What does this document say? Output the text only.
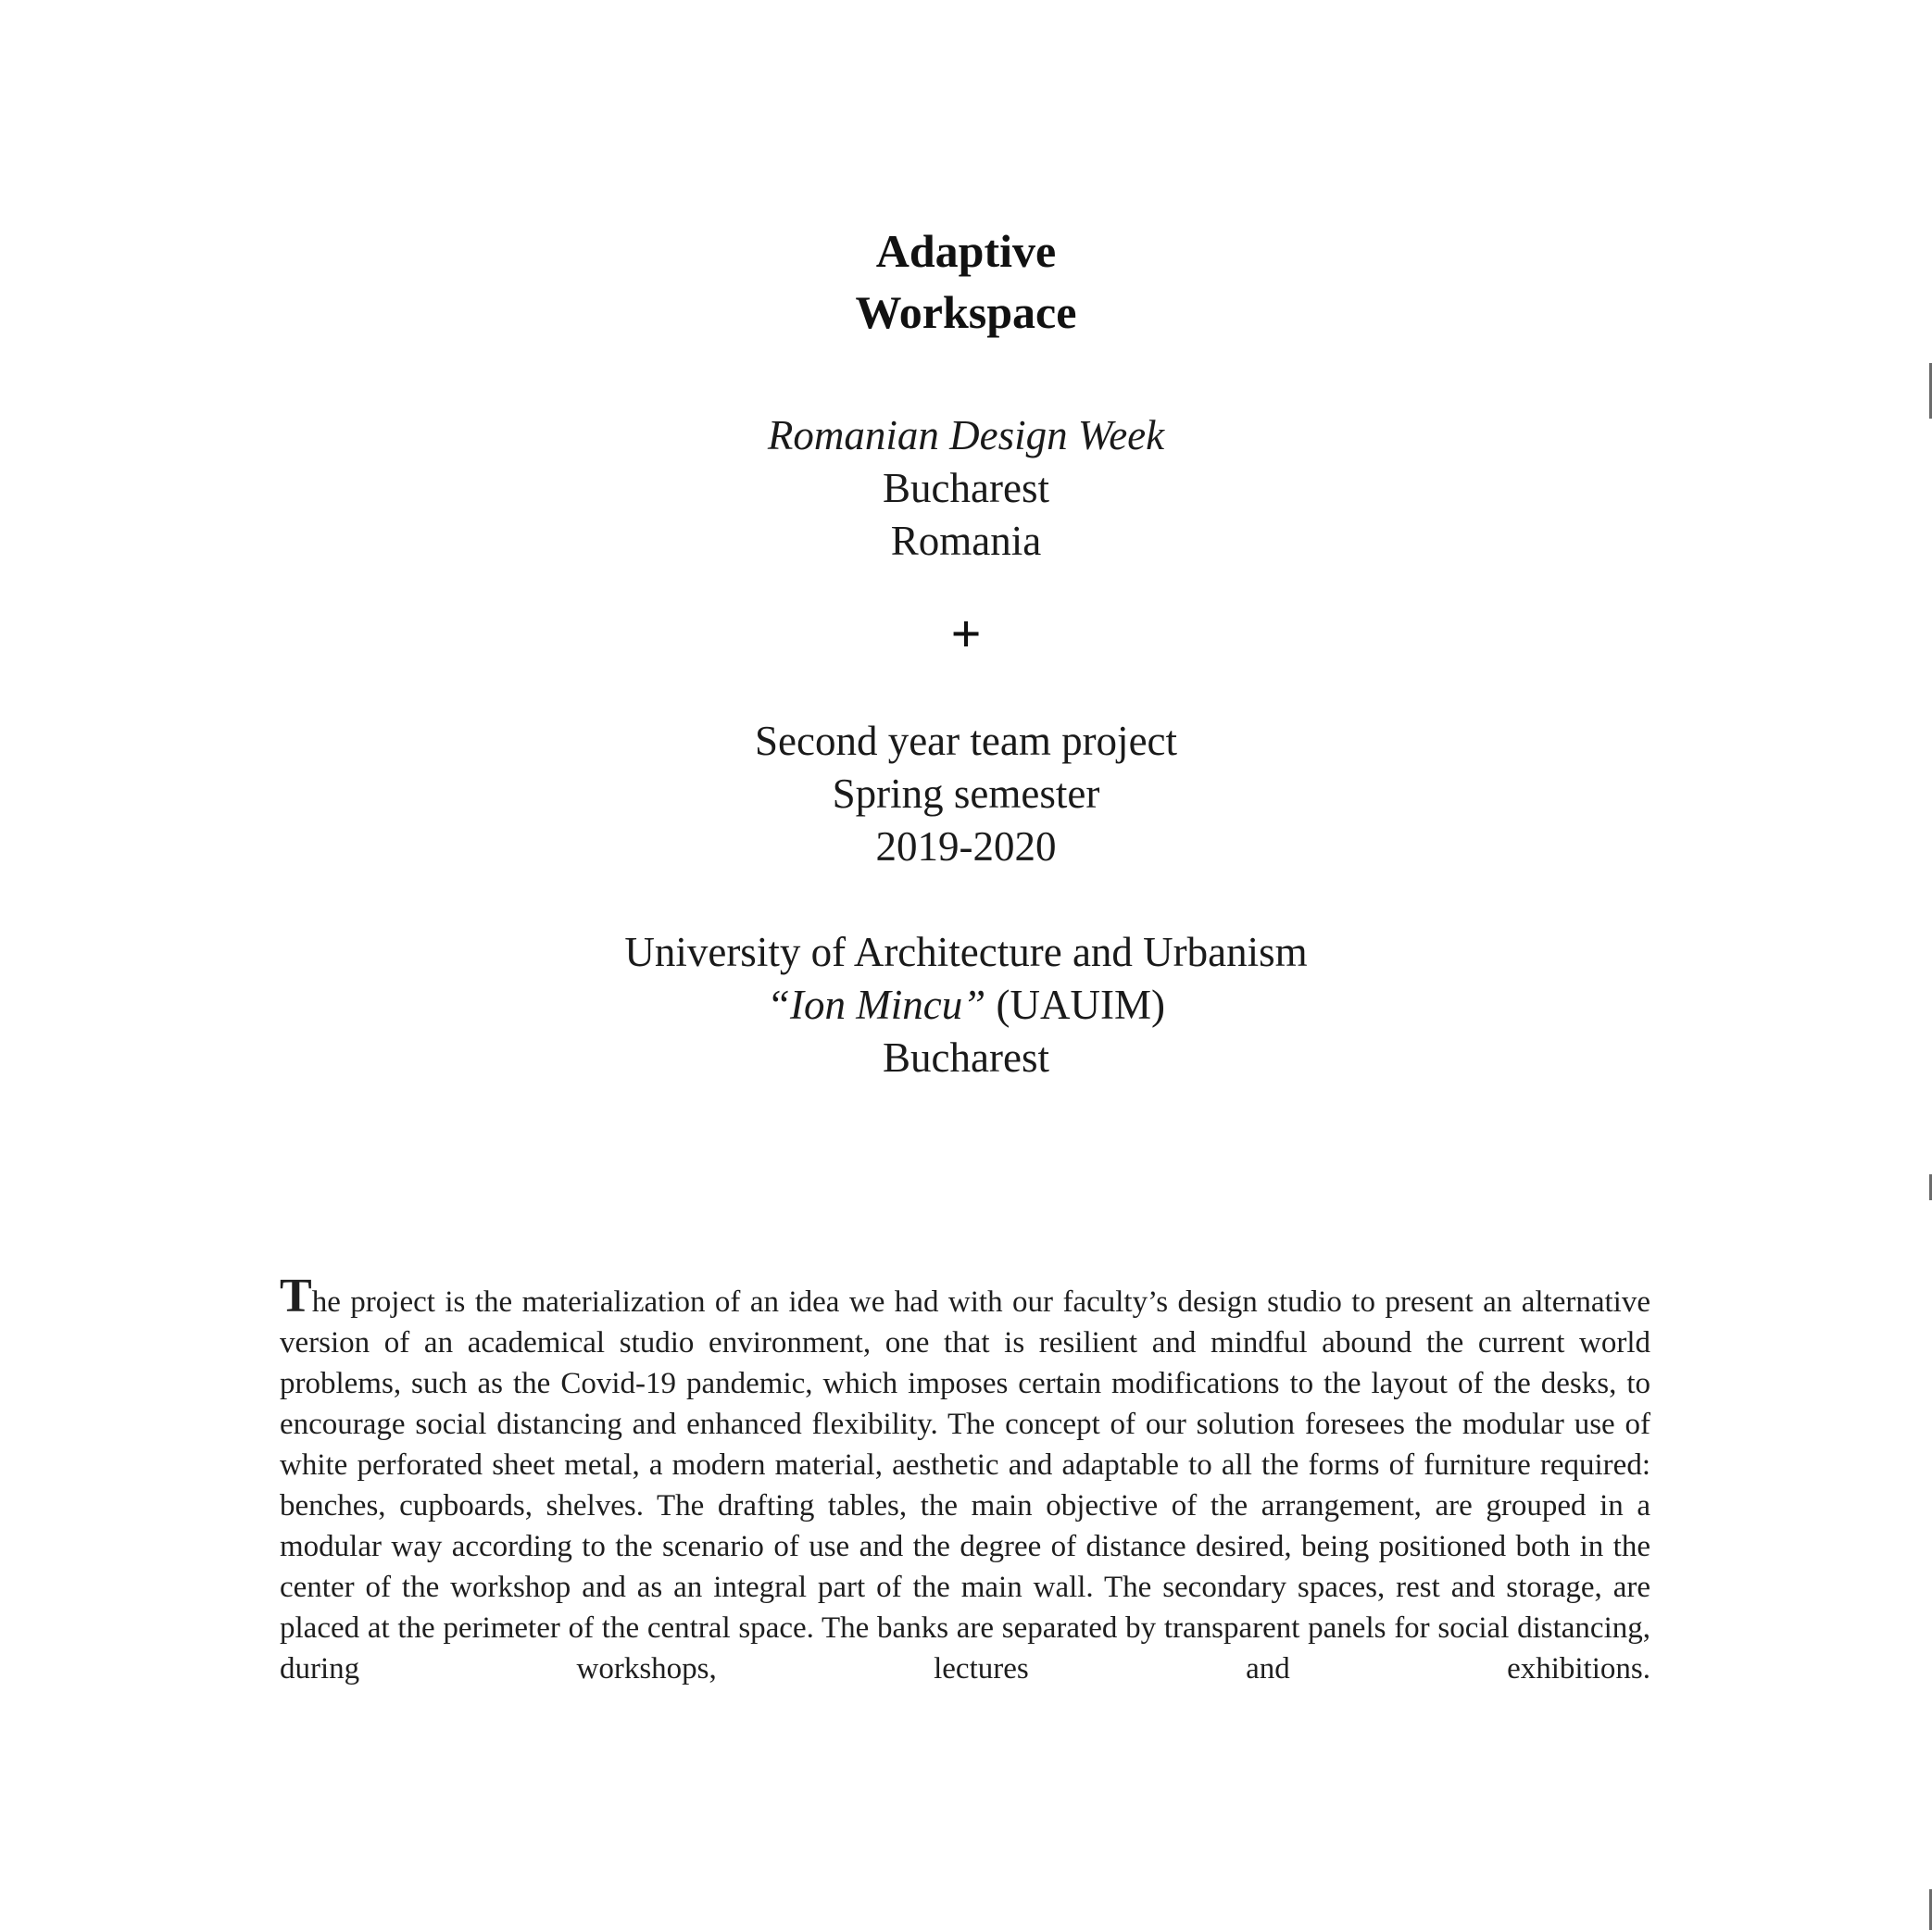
Adaptive
Workspace
Romanian Design Week
Bucharest
Romania
+
Second year team project
Spring semester
2019-2020
University of Architecture and Urbanism
“Ion Mincu” (UAUIM)
Bucharest
The project is the materialization of an idea we had with our faculty’s design studio to present an alternative version of an academical studio environment, one that is resilient and mindful abound the current world problems, such as the Covid-19 pandemic, which imposes certain modifications to the layout of the desks, to encourage social distancing and enhanced flexibility. The concept of our solution foresees the modular use of white perforated sheet metal, a modern material, aesthetic and adaptable to all the forms of furniture required: benches, cupboards, shelves. The drafting tables, the main objective of the arrangement, are grouped in a modular way according to the scenario of use and the degree of distance desired, being positioned both in the center of the workshop and as an integral part of the main wall. The secondary spaces, rest and storage, are placed at the perimeter of the central space. The banks are separated by transparent panels for social distancing, during workshops, lectures and exhibitions.
